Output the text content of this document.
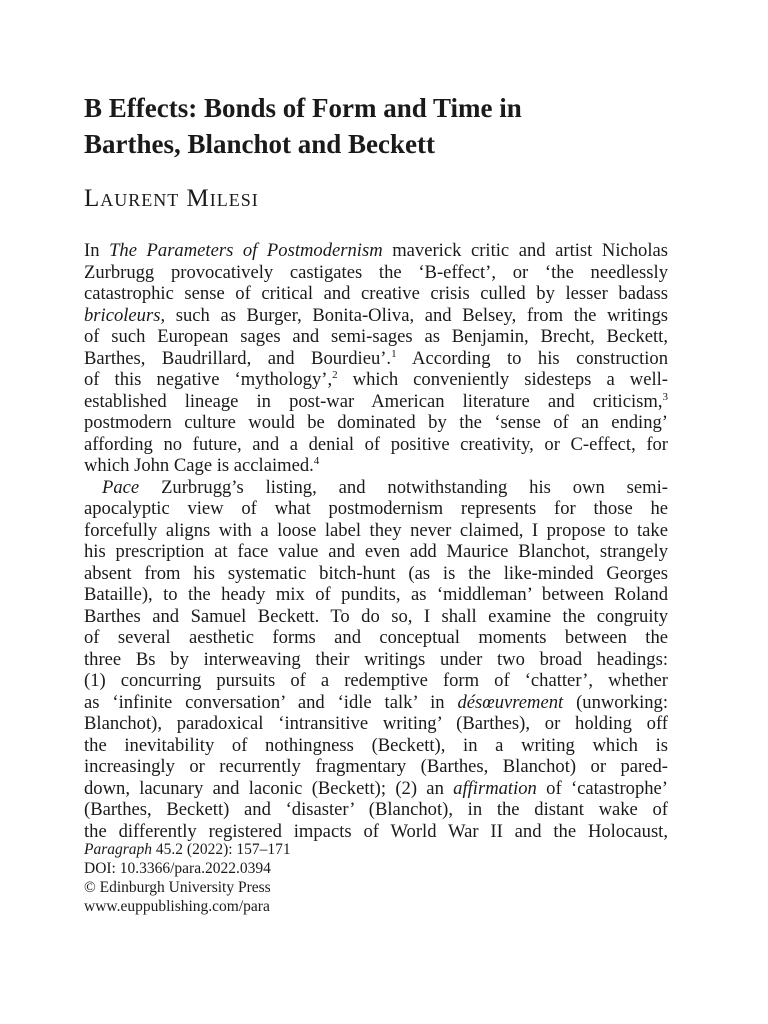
B Effects: Bonds of Form and Time in
Barthes, Blanchot and Beckett
Laurent Milesi
In The Parameters of Postmodernism maverick critic and artist Nicholas
Zurbrugg provocatively castigates the ‘B-effect’, or ‘the needlessly
catastrophic sense of critical and creative crisis culled by lesser badass
bricoleurs, such as Burger, Bonita-Oliva, and Belsey, from the writings
of such European sages and semi-sages as Benjamin, Brecht, Beckett,
Barthes, Baudrillard, and Bourdieu’.$^1$ According to his construction
of this negative ‘mythology’,$^2$ which conveniently sidesteps a well-
established lineage in post-war American literature and criticism,$^3$
postmodern culture would be dominated by the ‘sense of an ending’
affording no future, and a denial of positive creativity, or C-effect, for
which John Cage is acclaimed.$^4$
Pace Zurbrugg’s listing, and notwithstanding his own semi-
apocalyptic view of what postmodernism represents for those he
forcefully aligns with a loose label they never claimed, I propose to take
his prescription at face value and even add Maurice Blanchot, strangely
absent from his systematic bitch-hunt (as is the like-minded Georges
Bataille), to the heady mix of pundits, as ‘middleman’ between Roland
Barthes and Samuel Beckett. To do so, I shall examine the congruity
of several aesthetic forms and conceptual moments between the
three Bs by interweaving their writings under two broad headings:
(1) concurring pursuits of a redemptive form of ‘chatter’, whether
as ‘infinite conversation’ and ‘idle talk’ in désœuvrement (unworking:
Blanchot), paradoxical ‘intransitive writing’ (Barthes), or holding off
the inevitability of nothingness (Beckett), in a writing which is
increasingly or recurrently fragmentary (Barthes, Blanchot) or pared-
down, lacunary and laconic (Beckett); (2) an affirmation of ‘catastrophe’
(Barthes, Beckett) and ‘disaster’ (Blanchot), in the distant wake of
the differently registered impacts of World War II and the Holocaust,
Paragraph 45.2 (2022): 157–171
DOI: 10.3366/para.2022.0394
© Edinburgh University Press
www.euppublishing.com/para
